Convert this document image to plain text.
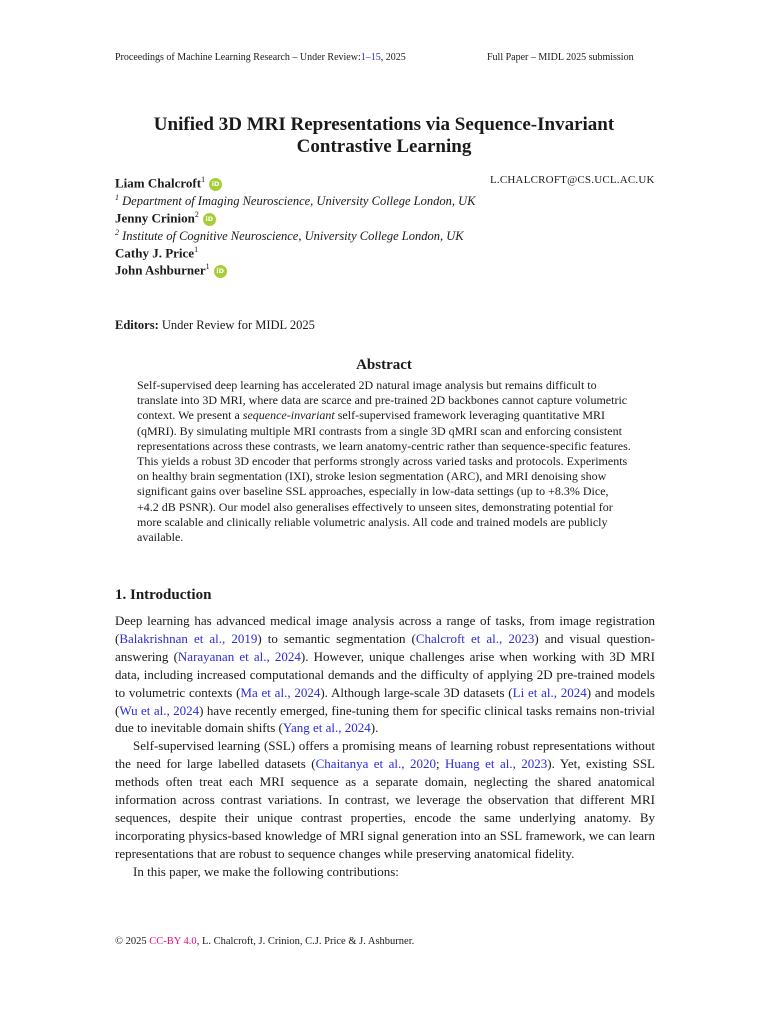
Proceedings of Machine Learning Research – Under Review:1–15, 2025	Full Paper – MIDL 2025 submission
Unified 3D MRI Representations via Sequence-Invariant
Contrastive Learning
Liam Chalcroft$^1$iD	L.CHALCROFT@CS.UCL.AC.UK
$^1$ Department of Imaging Neuroscience, University College London, UK
Jenny Crinion$^2$iD
$^2$ Institute of Cognitive Neuroscience, University College London, UK
Cathy J. Price$^1$
John Ashburner$^1$iD
Editors: Under Review for MIDL 2025
Abstract

Self-supervised deep learning has accelerated 2D natural image analysis but remains difficult to translate into 3D MRI, where data are scarce and pre-trained 2D backbones cannot capture volumetric context. We present a sequence-invariant self-supervised framework leveraging quantitative MRI (qMRI). By simulating multiple MRI contrasts from a single 3D qMRI scan and enforcing consistent representations across these contrasts, we learn anatomy-centric rather than sequence-specific features. This yields a robust 3D encoder that performs strongly across varied tasks and protocols. Experiments on healthy brain segmentation (IXI), stroke lesion segmentation (ARC), and MRI denoising show significant gains over baseline SSL approaches, especially in low-data settings (up to +8.3% Dice, +4.2 dB PSNR). Our model also generalises effectively to unseen sites, demonstrating potential for more scalable and clinically reliable volumetric analysis. All code and trained models are publicly available.

1. Introduction

Deep learning has advanced medical image analysis across a range of tasks, from image registration (Balakrishnan et al., 2019) to semantic segmentation (Chalcroft et al., 2023) and visual question-answering (Narayanan et al., 2024). However, unique challenges arise when working with 3D MRI data, including increased computational demands and the difficulty of applying 2D pre-trained models to volumetric contexts (Ma et al., 2024). Although large-scale 3D datasets (Li et al., 2024) and models (Wu et al., 2024) have recently emerged, fine-tuning them for specific clinical tasks remains non-trivial due to inevitable domain shifts (Yang et al., 2024).

Self-supervised learning (SSL) offers a promising means of learning robust representations without the need for large labelled datasets (Chaitanya et al., 2020; Huang et al., 2023). Yet, existing SSL methods often treat each MRI sequence as a separate domain, neglecting the shared anatomical information across contrast variations. In contrast, we leverage the observation that different MRI sequences, despite their unique contrast properties, encode the same underlying anatomy. By incorporating physics-based knowledge of MRI signal generation into an SSL framework, we can learn representations that are robust to sequence changes while preserving anatomical fidelity.

In this paper, we make the following contributions:

© 2025 CC-BY 4.0, L. Chalcroft, J. Crinion, C.J. Price & J. Ashburner.
